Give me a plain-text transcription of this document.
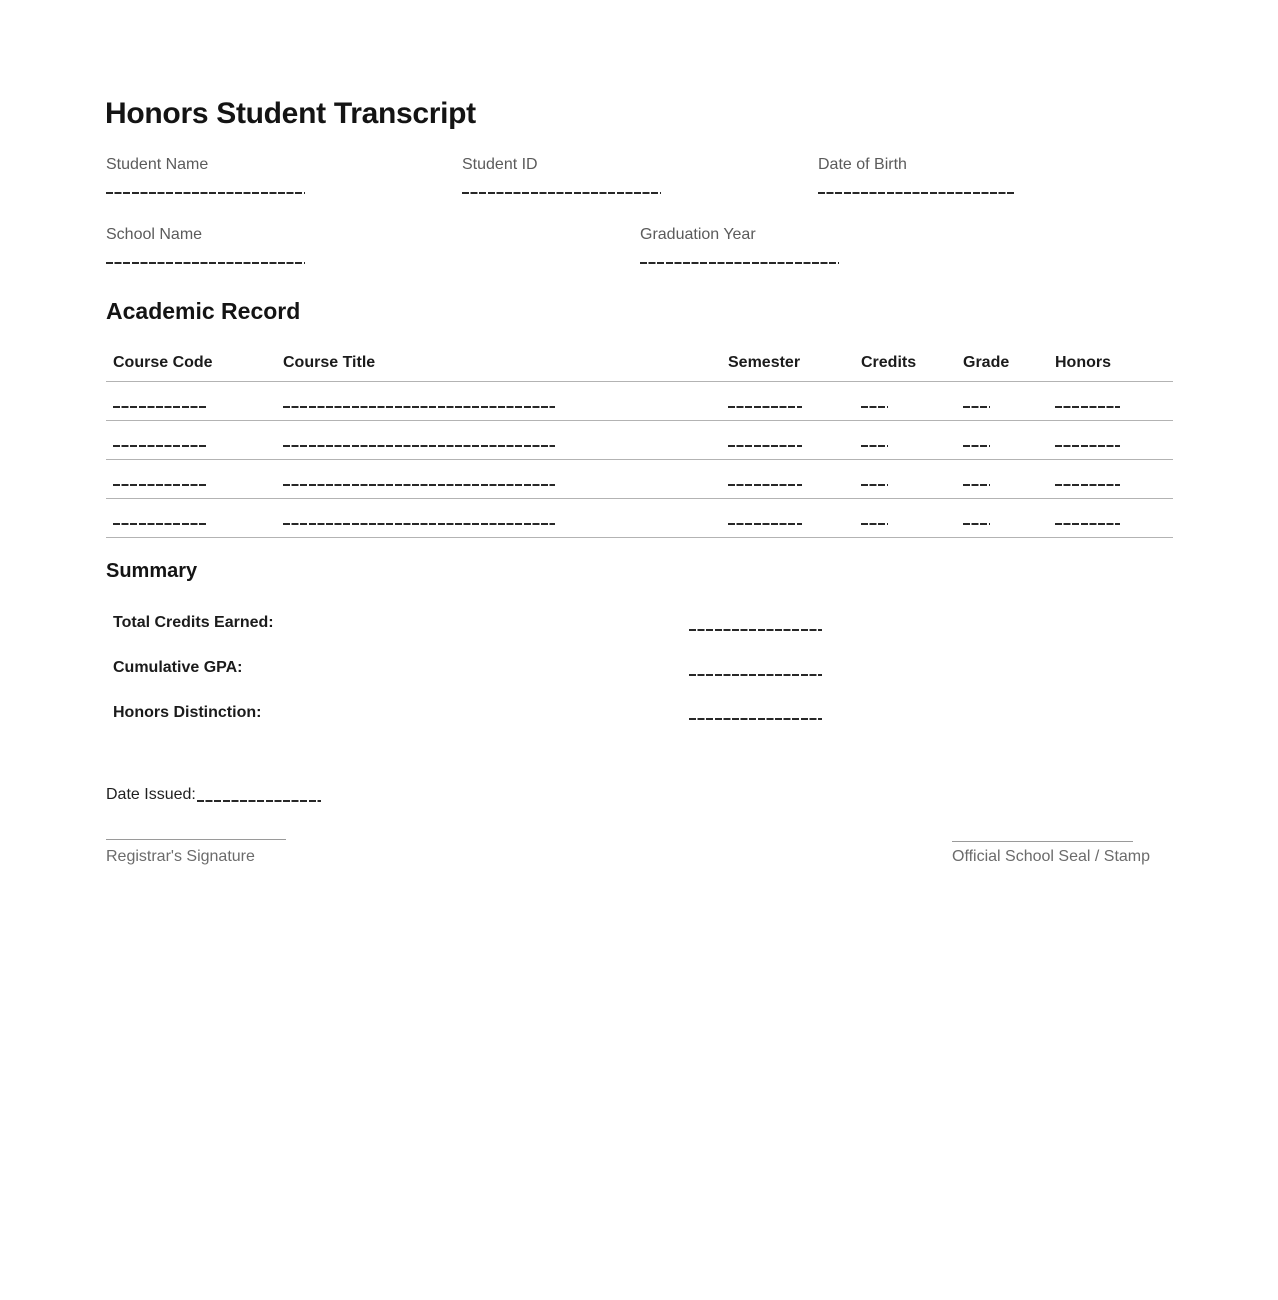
Honors Student Transcript
Student Name	Student ID	Date of Birth
School Name	Graduation Year
Academic Record
Course Code	Course Title	Semester	Credits	Grade	Honors
Summary
Total Credits Earned:
Cumulative GPA:
Honors Distinction:
Date Issued:
Registrar's Signature	Official School Seal / Stamp
